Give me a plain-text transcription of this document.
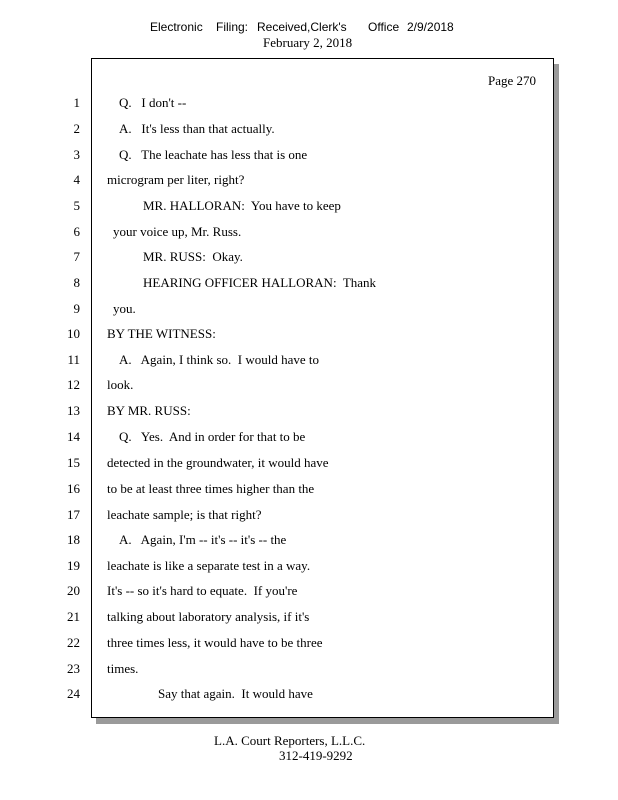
Electronic

Filing:

Received,Clerk's

Office

2/9/2018

February 2, 2018
Page 270
1	Q.   I don't --
2	A.   It's less than that actually.
3	Q.   The leachate has less that is one
4 microgram per liter, right?
5	MR. HALLORAN:  You have to keep
6	your voice up, Mr. Russ.
7	MR. RUSS:  Okay.
8	HEARING OFFICER HALLORAN:  Thank
9	you.
10 BY THE WITNESS:
11	A.   Again, I think so.  I would have to
12 look.
13 BY MR. RUSS:
14	Q.   Yes.  And in order for that to be
15 detected in the groundwater, it would have
16 to be at least three times higher than the
17 leachate sample; is that right?
18	A.   Again, I'm -- it's -- it's -- the
19 leachate is like a separate test in a way.
20 It's -- so it's hard to equate.  If you're
21 talking about laboratory analysis, if it's
22 three times less, it would have to be three
23 times.
24	Say that again.  It would have
L.A. Court Reporters, L.L.C.
312-419-9292
